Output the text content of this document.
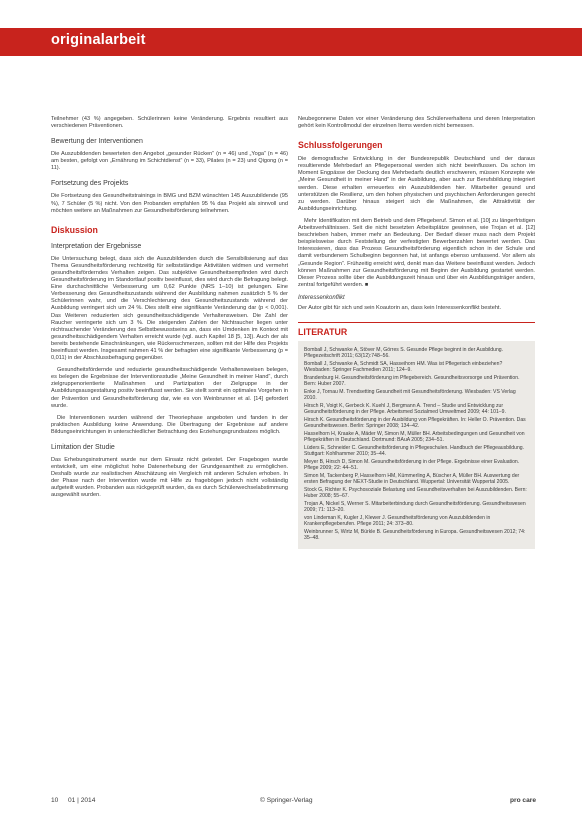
originalarbeit

Teilnehmer (43 %) angegeben. Schülerinnen keine Veränderung. Ergebnis resultiert aus verschiedenen Präventionen.

Bewertung der Interventionen

Die Auszubildenden bewerteten den Angebot „gesunder Rücken“ (n = 46) und „Yoga“ (n = 46) am besten, gefolgt von „Ernährung im Schichtdienst“ (n = 33), Pilates (n = 23) und Qigong (n = 11).

Fortsetzung des Projekts

Die Fortsetzung des Gesundheitstrainings in BMG und BZM wünschten 145 Auszubildende (95 %), 7 Schüler (5 %) nicht. Von den Probanden empfahlen 95 % das Projekt als sinnvoll und möchten weitere an Maßnahmen zur Gesundheitsförderung teilnehmen.

Diskussion
Interpretation der Ergebnisse

Die Untersuchung belegt, dass sich die Auszubildenden durch die Sensibilisierung auf das Thema Gesundheitsförderung rechtzeitig für selbstständige Aktivitäten widmen und vermehrt gesundheitsförderndes Verhalten zeigen. Das subjektive Gesundheitsempfinden wird durch Gesundheitsförderung im Standortlauf positiv beeinflusst, dies wird durch die Befragung belegt. Eine durchschnittliche Verbesserung um 0,62 Punkte (NRS 1–10) ist gelungen. Eine Verbesserung des Gesundheitszustands während der Ausbildung nahmen zusätzlich 5 % der Schülerinnen wahr, und die Verschlechterung des Gesundheitszustands während der Ausbildung verringert sich um 24 %. Dies stellt eine signifikante Veränderung dar (p < 0,001). Das Weiteren reduzierten sich gesundheitsschädigende Verhaltensweisen. Die Zahl der Raucher verringerte sich um 3 %. Die steigenden Zahlen der Nichtraucher liegen unter nichtrauchender Veränderung des Selbstbewusstseins an, dass ein Umdenken im Kontext mit gesundheitsschädigendem Verhalten erreicht wurde (vgl. auch Kapitel 18 [5, 13]). Auch der als bereits bestehende Einschränkungen, wie Rückenschmerzen, sollten mit der Hilfe des Projekts beeinflusst werden. Insgesamt nahmen 41 % der befragten eine signifikante Verbesserung (p = 0,011) in der Abschlussbefragung gegenüber.

Gesundheitsfördernde und reduzierte gesundheitsschädigende Verhaltensweisen belegen, es belegen die Ergebnisse der Interventionsstudie „Meine Gesundheit in meiner Hand“, durch zielgruppenorientierte Maßnahmen und Partizipation der Zielgruppe in der Ausbildungsausgestaltung positiv beeinflusst werden. Sie stellt somit ein optimales Vorgehen in der Prävention und Gesundheitsförderung dar, wie es von Weinbrunner et al. [14] gefordert wurde.

Die Interventionen wurden während der Theoriephase angeboten und fanden in der praktischen Ausbildung keine Anwendung. Die Übertragung der Ergebnisse auf andere Bildungseinrichtungen in unterschiedlicher Betrachtung des Erziehungsgrundsatzes möglich.

Limitation der Studie

Das Erhebungsinstrument wurde nur dem Einsatz nicht getestet. Der Fragebogen wurde entwickelt, um eine möglichst hohe Datenerhebung der Grundgesamtheit zu ermöglichen. Deshalb wurde zur realistischen Abschätzung ein Vergleich mit anderen Schulen erhoben. In der Phase nach der Intervention wurde mit Hilfe zu fragebögen jedoch nicht vollständig aufgeteilt wurden. Probanden aus rückgeprüft wurden, da es durch Schülerwechselabstimmung ausgewählt wurden.

Neubegonnene Daten vor einer Veränderung des Schülerverhaltens und deren Interpretation gehört kein Kontrollmodul der einzelnen Items werden nicht bemessen.

Schlussfolgerungen

Die demografische Entwicklung in der Bundesrepublik Deutschland und der daraus resultierende Mehrbedarf an Pflegepersonal werden sich nicht beeinflussen. Da schon im Moment Engpässe der Deckung des Mehrbedarfs deutlich erschweren, müssen Konzepte wie „Meine Gesundheit in meiner Hand“ in der Ausbildung, aber auch zur Berufsbildung integriert werden. Diese erhalten erneuertes ein Auszubildenden hier. Mitarbeiter gesund und unterstützen die Resilienz, um den hohen physischen und psychischen Anforderungen gerecht zu werden. Darüber hinaus steigert sich die Maßnahmen, die Attraktivität der Ausbildungseinrichtung.

Mehr Identifikation mit dem Betrieb und dem Pflegeberuf. Simon et al. [10] zu längerfristigen Arbeitsverhältnissen. Seit die nicht besetzten Arbeitsplätze gewinnen, wie Trojan et al. [12] beschrieben haben, immer mehr an Bedeutung. Der Bedarf dieser muss nach dem Projekt beispielsweise durch Feststellung der verfestigten Bewerberzahlen bewertet werden. Das Interessieren, dass das Prozess Gesundheitsförderung eigentlich schon in der Schule und damit verbundenem Schulbeginn begonnen hat, ist anfangs ebenso umfassend. Vor allem als „Gesunde Region“. Frühzeitig erreicht wird, denkt man das Weitere beeinflusst werden. Jedoch können Maßnahmen zur Gesundheitsförderung mit Beginn der Ausbildung gestartet werden. Dieser Prozess sollte über die Ausbildungszeit hinaus und über ein Ausbildungsträger anders, zentral fortgeführt werden. ■

Interessenkonflikt

Der Autor gibt für sich und sein Koautorin an, dass kein Interessenkonflikt besteht.

LITERATUR
Bomball J, Schwanke A, Stöver M, Görres S. Gesunde Pflege beginnt in der Ausbildung. Pflegezeitschrift 2011; 63(12):748–56.
Bomball J, Schwanke A, Schmidt SA, Hasseihorn HM. Was ist Pflegerisch einbeziehen? Wiesbaden: Springer Fachmedien 2011; 124–9.
Brandenburg H. Gesundheitsförderung im Pflegebereich. Gesundheitsvorsorge und Prävention. Bern: Huber 2007.
Enke J, Tornau M. Trendsetting Gesundheit mit Gesundheitsförderung. Wiesbaden: VS Verlag 2010.
Hirsch R, Voigt K, Gerbeck K. Kuehl J, Bergmann A. Trend – Studie und Entwicklung zur Gesundheitsförderung in der Pflege. Arbeitsmed Sozialmed Umweltmed 2009; 44: 101–9.
Hirsch K. Gesundheitsförderung in der Ausbildung von Pflegekräften. In: Heller O. Prävention. Das Gesundheitswesen. Berlin: Springer 2008; 134–42.
Hasselhorn H, Kraake A, Mäder W, Simon M, Müller BH. Arbeitsbedingungen und Gesundheit von Pflegekräften in Deutschland. Dortmund: BAuA 2005; 234–51.
Lüders E, Schneider C. Gesundheitsförderung in Pflegeschulen. Handbuch der Pflegeausbildung. Stuttgart: Kohlhammer 2010; 35–44.
Meyer B, Hirsch D, Simon M. Gesundheitsförderung in der Pflege. Ergebnisse einer Evaluation. Pflege 2009; 22: 44–51.
Simon M, Tackenberg P, Hasselhorn HM, Kümmerling A, Büscher A, Müller BH. Auswertung der ersten Befragung der NEXT-Studie in Deutschland. Wuppertal: Universität Wuppertal 2005.
Stock G, Richter K. Psychosoziale Belastung und Gesundheitsverhalten bei Auszubildenden. Bern: Huber 2008; 55–67.
Trojan A, Nickel S, Werner S. Mitarbeiterbindung durch Gesundheitsförderung. Gesundheitswesen 2009; 71: 113–20.
von Lindeman K, Kugler J, Klewer J. Gesundheitsförderung von Auszubildenden in Krankenpflegeberufen. Pflege 2011; 24: 373–80.
Weinbrunner S, Wirtz M, Bürkle B. Gesundheitsförderung in Europa. Gesundheitswesen 2012; 74: 35–48.
10 01 | 2014	© Springer-Verlag	pro care
